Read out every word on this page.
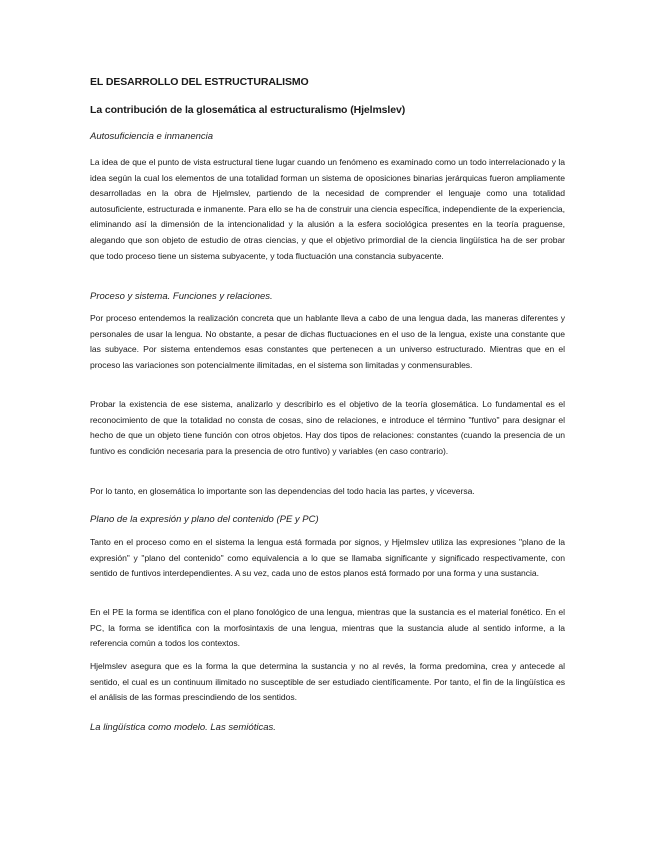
EL DESARROLLO DEL ESTRUCTURALISMO
La contribución de la glosemática al estructuralismo (Hjelmslev)
Autosuficiencia e inmanencia

La idea de que el punto de vista estructural tiene lugar cuando un fenómeno es examinado como un todo interrelacionado y la idea según la cual los elementos de una totalidad forman un sistema de oposiciones binarias jerárquicas fueron ampliamente desarrolladas en la obra de Hjelmslev, partiendo de la necesidad de comprender el lenguaje como una totalidad autosuficiente, estructurada e inmanente. Para ello se ha de construir una ciencia específica, independiente de la experiencia, eliminando así la dimensión de la intencionalidad y la alusión a la esfera sociológica presentes en la teoría praguense, alegando que son objeto de estudio de otras ciencias, y que el objetivo primordial de la ciencia lingüística ha de ser probar que todo proceso tiene un sistema subyacente, y toda fluctuación una constancia subyacente.

Proceso y sistema. Funciones y relaciones.

Por proceso entendemos la realización concreta que un hablante lleva a cabo de una lengua dada, las maneras diferentes y personales de usar la lengua. No obstante, a pesar de dichas fluctuaciones en el uso de la lengua, existe una constante que las subyace. Por sistema entendemos esas constantes que pertenecen a un universo estructurado. Mientras que en el proceso las variaciones son potencialmente ilimitadas, en el sistema son limitadas y conmensurables.

Probar la existencia de ese sistema, analizarlo y describirlo es el objetivo de la teoría glosemática. Lo fundamental es el reconocimiento de que la totalidad no consta de cosas, sino de relaciones, e introduce el término "funtivo" para designar el hecho de que un objeto tiene función con otros objetos. Hay dos tipos de relaciones: constantes (cuando la presencia de un funtivo es condición necesaria para la presencia de otro funtivo) y variables (en caso contrario).

Por lo tanto, en glosemática lo importante son las dependencias del todo hacia las partes, y viceversa.

Plano de la expresión y plano del contenido (PE y PC)

Tanto en el proceso como en el sistema la lengua está formada por signos, y Hjelmslev utiliza las expresiones "plano de la expresión" y "plano del contenido" como equivalencia a lo que se llamaba significante y significado respectivamente, con sentido de funtivos interdependientes. A su vez, cada uno de estos planos está formado por una forma y una sustancia.

En el PE la forma se identifica con el plano fonológico de una lengua, mientras que la sustancia es el material fonético. En el PC, la forma se identifica con la morfosintaxis de una lengua, mientras que la sustancia alude al sentido informe, a la referencia común a todos los contextos.

Hjelmslev asegura que es la forma la que determina la sustancia y no al revés, la forma predomina, crea y antecede al sentido, el cual es un continuum ilimitado no susceptible de ser estudiado científicamente. Por tanto, el fin de la lingüística es el análisis de las formas prescindiendo de los sentidos.

La lingüística como modelo. Las semióticas.
